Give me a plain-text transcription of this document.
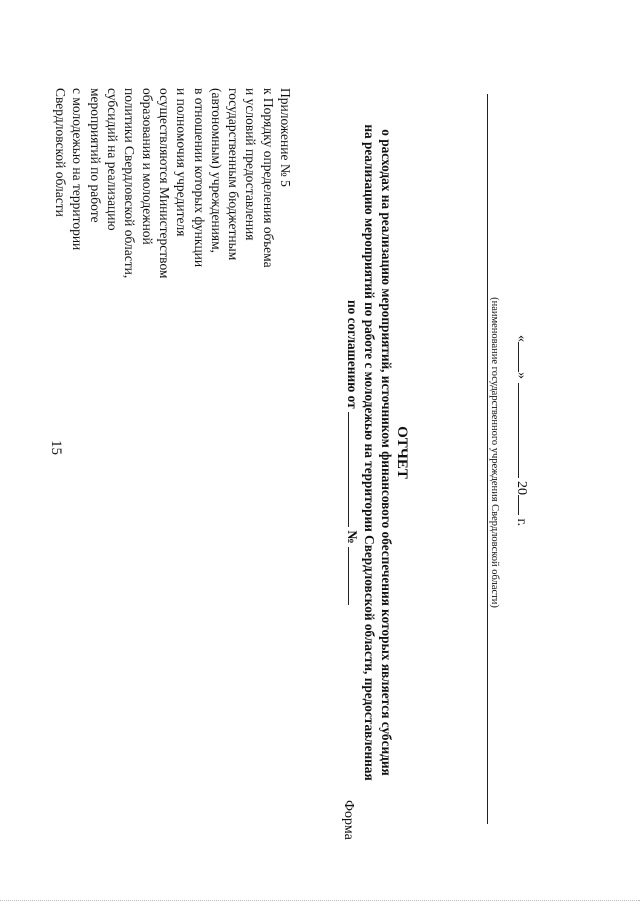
15
Приложение № 5
к Порядку определения объема
и условий предоставления
государственным бюджетным
(автономным) учреждениям,
в отношении которых функции
и полномочия учредителя
осуществляются Министерством
образования и молодежной
политики Свердловской области,
субсидий на реализацию
мероприятий по работе
с молодежью на территории
Свердловской области
Форма
ОТЧЕТ
о расходах на реализацию мероприятий, источником финансового обеспечения которых является субсидия
на реализацию мероприятий по работе с молодежью на территории Свердловской области, предоставленная
по соглашению от  №	(наименование государственного учреждения Свердловской области) «»  20 г.
